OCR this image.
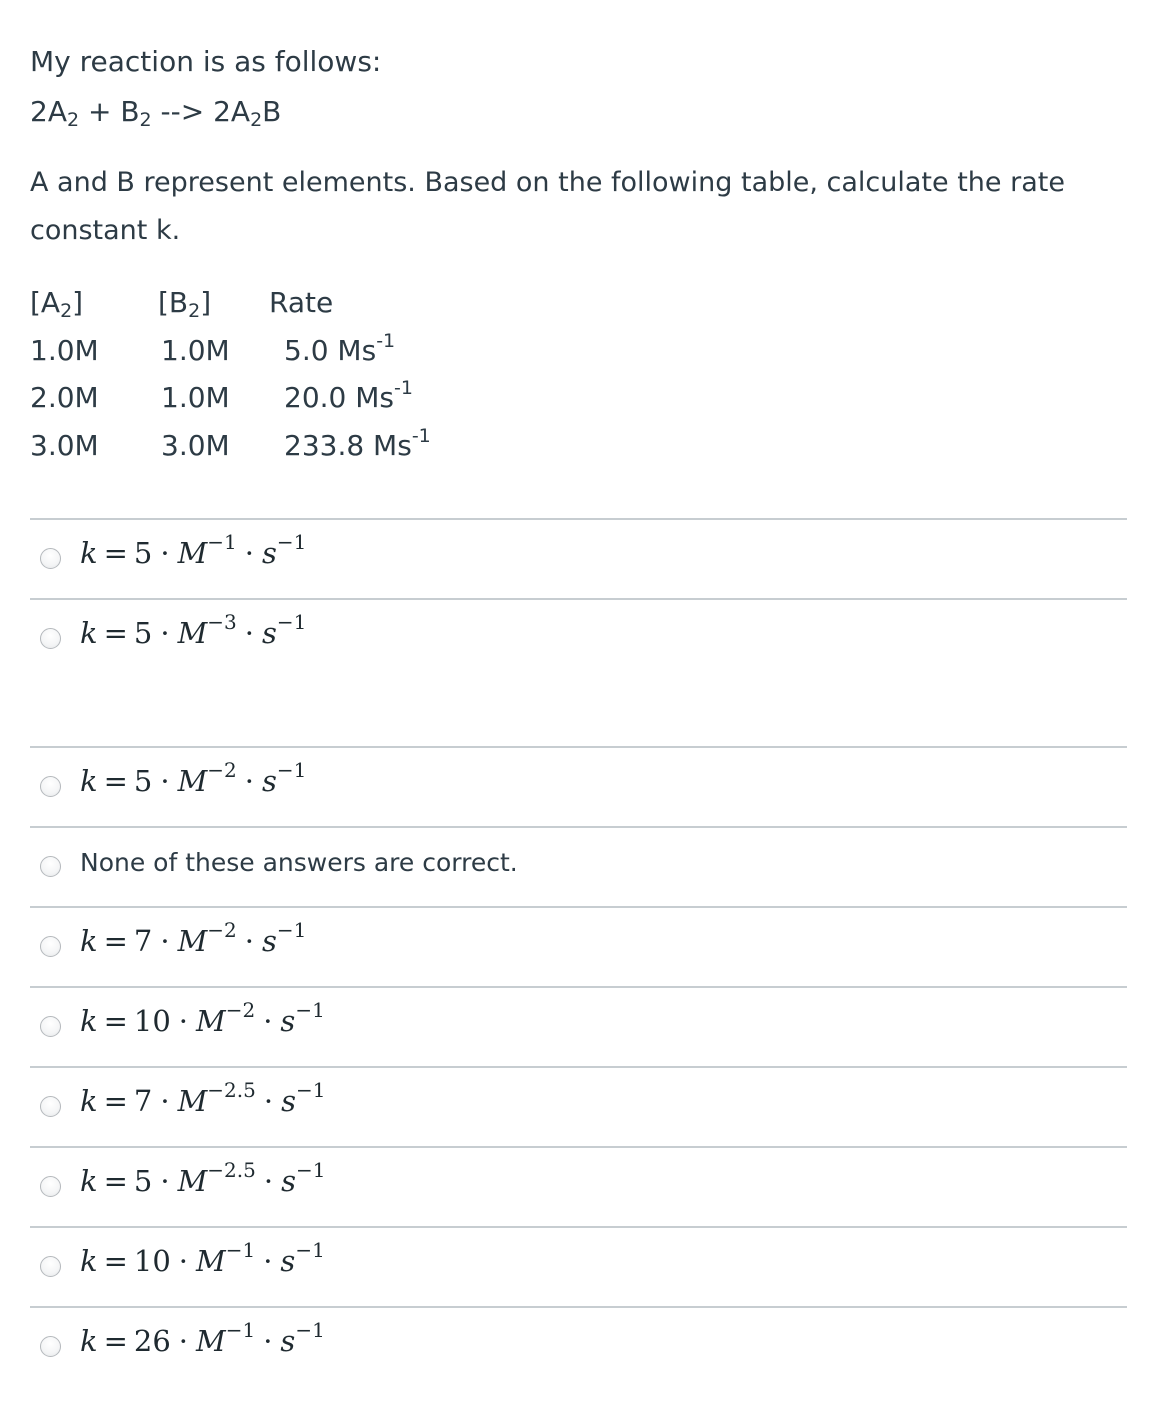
My reaction is as follows:
$2A_2 + B_2$ --> $2A_2B$
A and B represent elements. Based on the following table, calculate the rate
constant k.
$[A_2]$	$[B_2]$ Rate
1.0M 1.0M 5.0 $Ms^{-1}$
2.0M 1.0M 20.0 $Ms^{-1}$
3.0M 3.0M 233.8 $Ms^{-1}$
$k = 5 \cdot M^{-1} \cdot s^{-1}$
$k = 5 \cdot M^{-3} \cdot s^{-1}$
$k = 5 \cdot M^{-2} \cdot s^{-1}$
None of these answers are correct.
$k = 7 \cdot M^{-2} \cdot s^{-1}$
$k = 10 \cdot M^{-2} \cdot s^{-1}$
$k = 7 \cdot M^{-2.5} \cdot s^{-1}$
$k = 5 \cdot M^{-2.5} \cdot s^{-1}$
$k = 10 \cdot M^{-1} \cdot s^{-1}$
$k = 26 \cdot M^{-1} \cdot s^{-1}$
